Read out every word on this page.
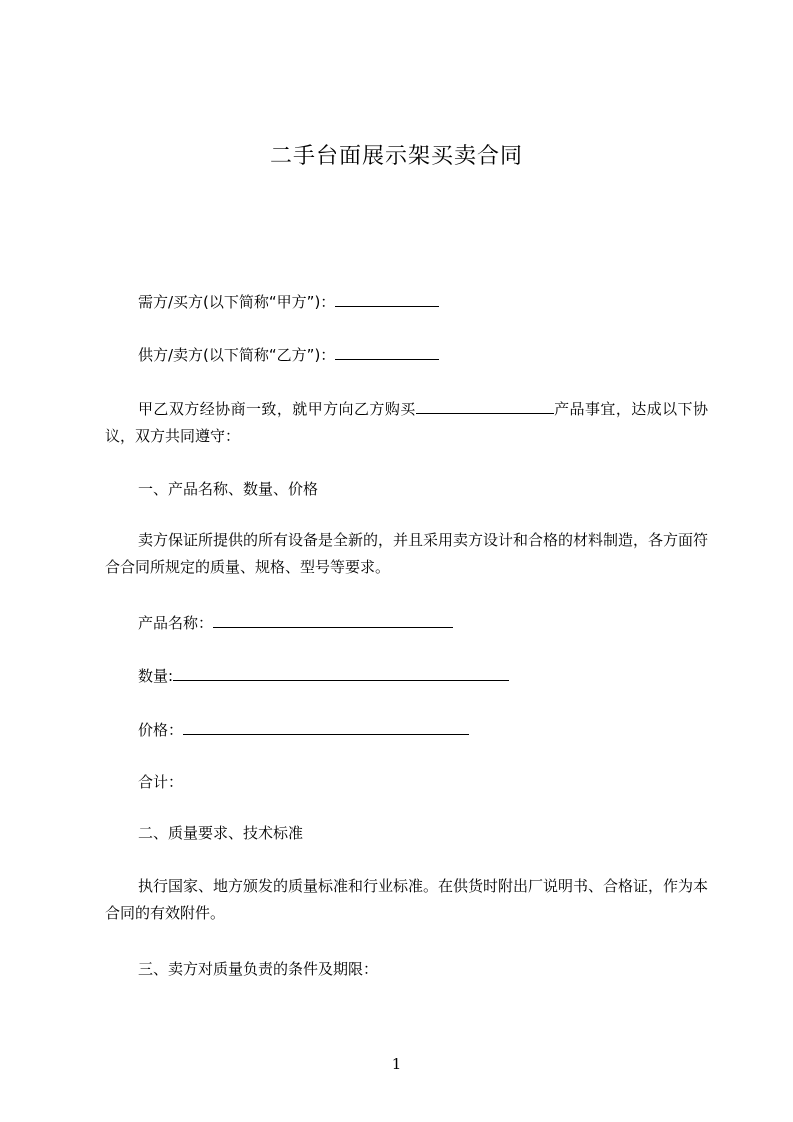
二手台面展示架买卖合同
需方/买方(以下简称“甲方”)：
供方/卖方(以下简称“乙方”)：
甲乙双方经协商一致，就甲方向乙方购买	产品事宜，达成以下协议，双方共同遵守：
一、产品名称、数量、价格
卖方保证所提供的所有设备是全新的，并且采用卖方设计和合格的材料制造，各方面符合合同所规定的质量、规格、型号等要求。
产品名称：
数量:
价格：
合计：
二、质量要求、技术标准
执行国家、地方颁发的质量标准和行业标准。在供货时附出厂说明书、合格证，作为本合同的有效附件。
三、卖方对质量负责的条件及期限：
1
